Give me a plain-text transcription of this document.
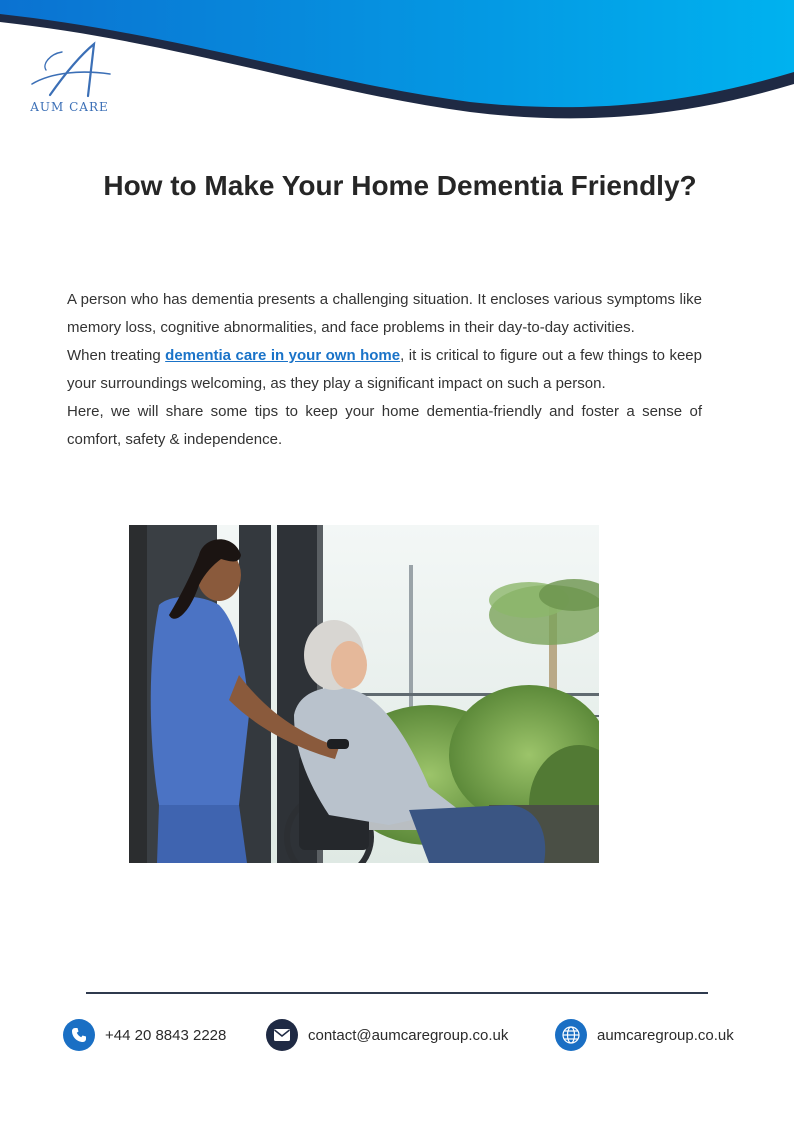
AUM CARE
How to Make Your Home Dementia Friendly?

A person who has dementia presents a challenging situation. It encloses various symptoms like memory loss, cognitive abnormalities, and face problems in their day-to-day activities.

When treating dementia care in your own home, it is critical to figure out a few things to keep your surroundings welcoming, as they play a significant impact on such a person.

Here, we will share some tips to keep your home dementia-friendly and foster a sense of comfort, safety & independence.

+44 20 8843 2228	contact@aumcaregroup.co.uk	aumcaregroup.co.uk
